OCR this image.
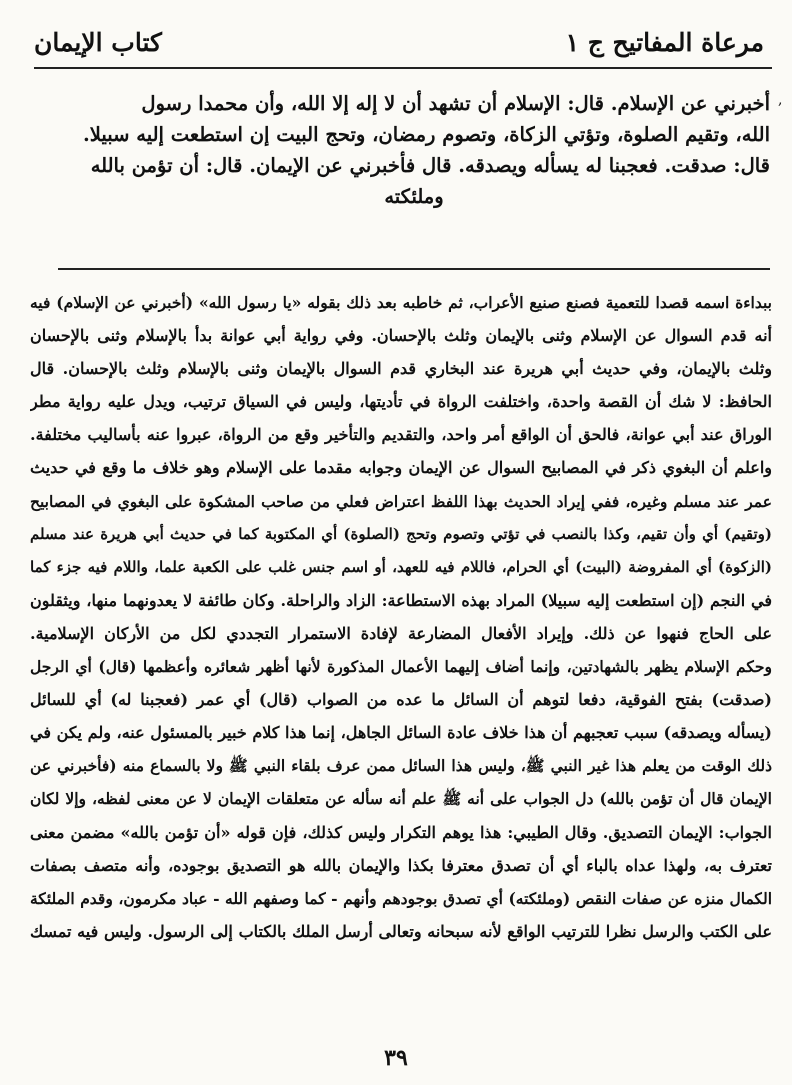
مرعاة المفاتيح ج ۱
كتاب الإيمان
,

أخبرني عن الإسلام. قال: الإسلام أن تشهد أن لا إله إلا الله، وأن محمدا رسول

الله، وتقيم الصلوة، وتؤتي الزكاة، وتصوم رمضان، وتحج البيت إن استطعت إليه سبيلا.

قال: صدقت. فعجبنا له يسأله ويصدقه. قال فأخبرني عن الإيمان. قال: أن تؤمن بالله

وملئكته

ببداءة اسمه قصدا للتعمية فصنع صنيع الأعراب، ثم خاطبه بعد ذلك بقوله «يا رسول الله» (أخبرني عن الإسلام) فيه

أنه قدم السوال عن الإسلام وثنى بالإيمان وثلث بالإحسان. وفي رواية أبي عوانة بدأ بالإسلام وثنى بالإحسان

وثلث بالإيمان، وفي حديث أبي هريرة عند البخاري قدم السوال بالإيمان وثنى بالإسلام وثلث بالإحسان. قال

الحافظ: لا شك أن القصة واحدة، واختلفت الرواة في تأديتها، وليس في السياق ترتيب، ويدل عليه رواية مطر

الوراق عند أبي عوانة، فالحق أن الواقع أمر واحد، والتقديم والتأخير وقع من الرواة، عبروا عنه بأساليب مختلفة.

واعلم أن البغوي ذكر في المصابيح السوال عن الإيمان وجوابه مقدما على الإسلام وهو خلاف ما وقع في حديث

عمر عند مسلم وغيره، ففي إيراد الحديث بهذا اللفظ اعتراض فعلي من صاحب المشكوة على البغوي في المصابيح

(وتقيم) أي وأن تقيم، وكذا بالنصب في تؤتي وتصوم وتحج (الصلوة) أي المكتوبة كما في حديث أبي هريرة عند مسلم

(الزكوة) أي المفروضة (البيت) أي الحرام، فاللام فيه للعهد، أو اسم جنس غلب على الكعبة علما، واللام فيه جزء كما

في النجم (إن استطعت إليه سبيلا) المراد بهذه الاستطاعة: الزاد والراحلة. وكان طائفة لا يعدونهما منها، ويثقلون

على الحاج فنهوا عن ذلك. وإيراد الأفعال المضارعة لإفادة الاستمرار التجددي لكل من الأركان الإسلامية.

وحكم الإسلام يظهر بالشهادتين، وإنما أضاف إليهما الأعمال المذكورة لأنها أظهر شعائره وأعظمها (قال) أي الرجل

(صدقت) بفتح الفوقية، دفعا لتوهم أن السائل ما عده من الصواب (قال) أي عمر (فعجبنا له) أي للسائل

(يسأله ويصدقه) سبب تعجبهم أن هذا خلاف عادة السائل الجاهل، إنما هذا كلام خبير بالمسئول عنه، ولم يكن في

ذلك الوقت من يعلم هذا غير النبي ﷺ، وليس هذا السائل ممن عرف بلقاء النبي ﷺ ولا بالسماع منه (فأخبرني عن

الإيمان قال أن تؤمن بالله) دل الجواب على أنه ﷺ علم أنه سأله عن متعلقات الإيمان لا عن معنى لفظه، وإلا لكان

الجواب: الإيمان التصديق. وقال الطيبي: هذا يوهم التكرار وليس كذلك، فإن قوله «أن تؤمن بالله» مضمن معنى

تعترف به، ولهذا عداه بالباء أي أن تصدق معترفا بكذا والإيمان بالله هو التصديق بوجوده، وأنه متصف بصفات

الكمال منزه عن صفات النقص (وملئكته) أي تصدق بوجودهم وأنهم - كما وصفهم الله - عباد مكرمون، وقدم الملئكة

على الكتب والرسل نظرا للترتيب الواقع لأنه سبحانه وتعالى أرسل الملك بالكتاب إلى الرسول. وليس فيه تمسك

٣٩
